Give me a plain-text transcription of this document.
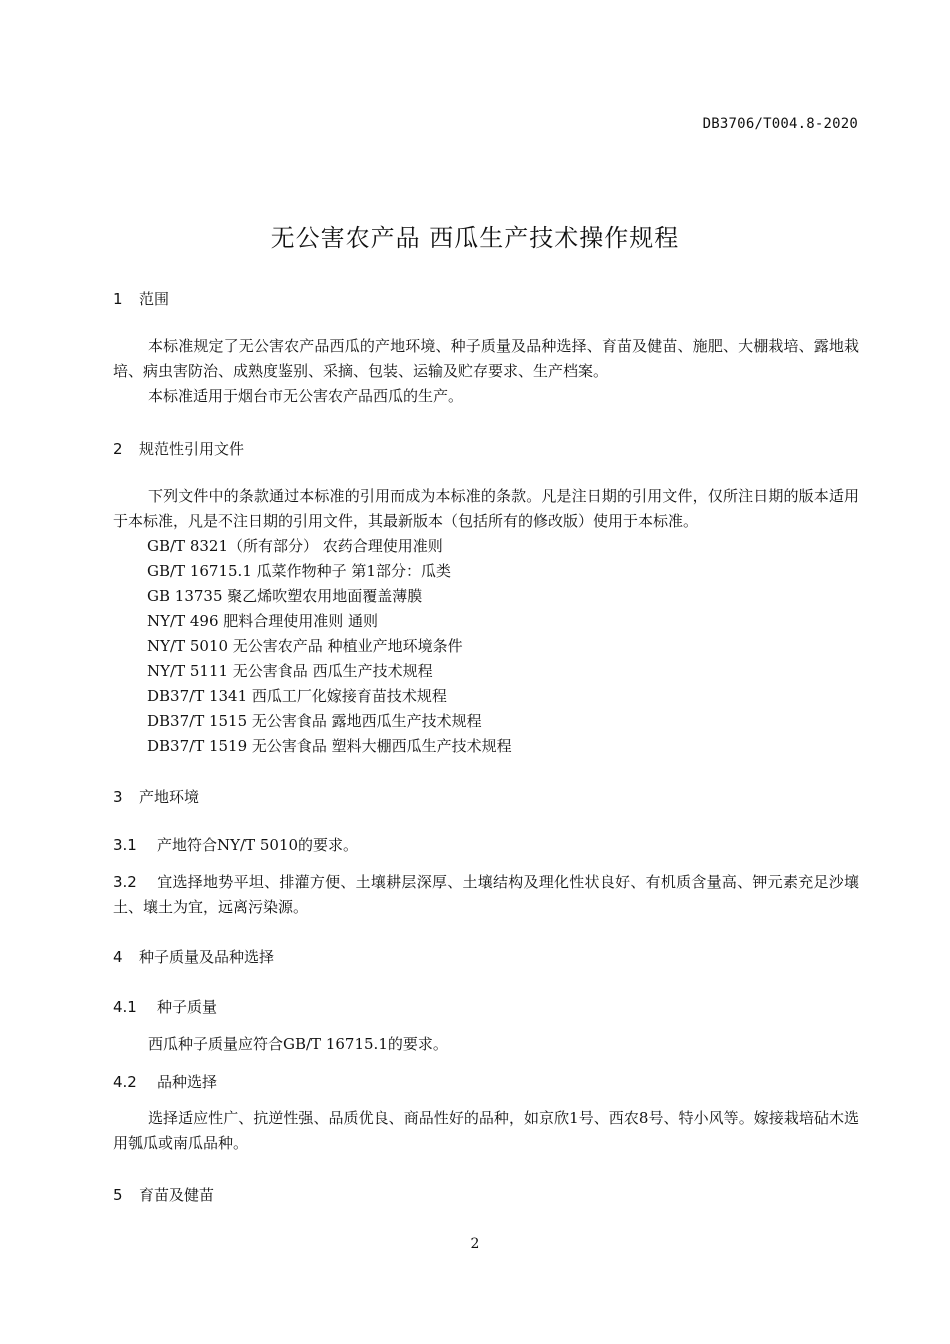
DB3706/T004.8-2020
无公害农产品 西瓜生产技术操作规程
1 范围
本标准规定了无公害农产品西瓜的产地环境、种子质量及品种选择、育苗及健苗、施肥、大棚栽培、露地栽培、病虫害防治、成熟度鉴别、采摘、包装、运输及贮存要求、生产档案。
本标准适用于烟台市无公害农产品西瓜的生产。
2 规范性引用文件
下列文件中的条款通过本标准的引用而成为本标准的条款。凡是注日期的引用文件，仅所注日期的版本适用于本标准，凡是不注日期的引用文件，其最新版本（包括所有的修改版）使用于本标准。
GB/T 8321（所有部分） 农药合理使用准则
GB/T 16715.1 瓜菜作物种子 第1部分：瓜类
GB 13735 聚乙烯吹塑农用地面覆盖薄膜
NY/T 496 肥料合理使用准则 通则
NY/T 5010 无公害农产品 种植业产地环境条件
NY/T 5111 无公害食品 西瓜生产技术规程
DB37/T 1341 西瓜工厂化嫁接育苗技术规程
DB37/T 1515 无公害食品 露地西瓜生产技术规程
DB37/T 1519 无公害食品 塑料大棚西瓜生产技术规程
3 产地环境
3.1 产地符合NY/T 5010的要求。
3.2 宜选择地势平坦、排灌方便、土壤耕层深厚、土壤结构及理化性状良好、有机质含量高、钾元素充足沙壤土、壤土为宜，远离污染源。
4 种子质量及品种选择
4.1 种子质量
西瓜种子质量应符合GB/T 16715.1的要求。
4.2 品种选择
选择适应性广、抗逆性强、品质优良、商品性好的品种，如京欣1号、西农8号、特小风等。嫁接栽培砧木选用瓠瓜或南瓜品种。
5 育苗及健苗
2
